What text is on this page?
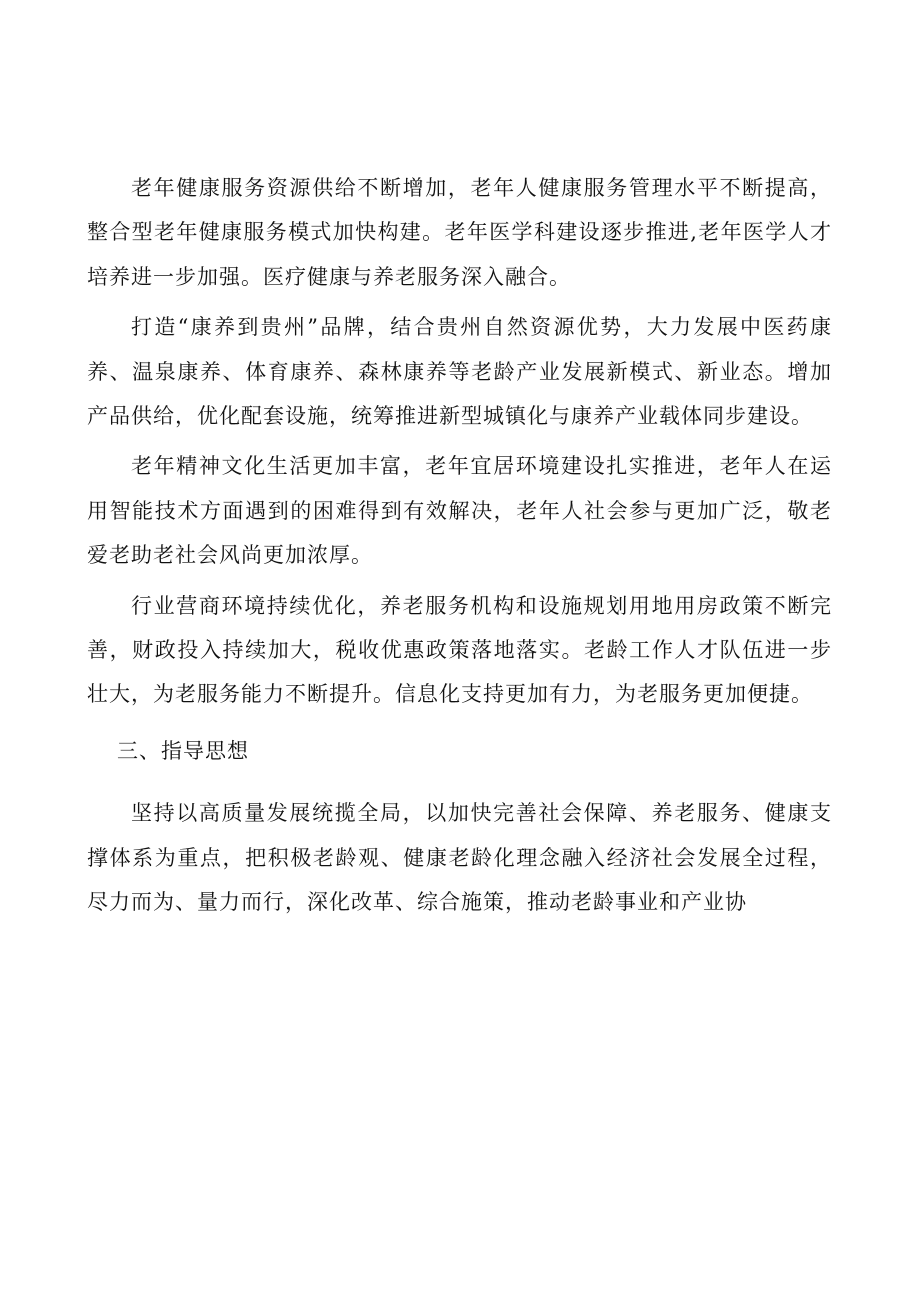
老年健康服务资源供给不断增加，老年人健康服务管理水平不断提高，整合型老年健康服务模式加快构建。老年医学科建设逐步推进,老年医学人才培养进一步加强。医疗健康与养老服务深入融合。

打造“康养到贵州”品牌，结合贵州自然资源优势，大力发展中医药康养、温泉康养、体育康养、森林康养等老龄产业发展新模式、新业态。增加产品供给，优化配套设施，统筹推进新型城镇化与康养产业载体同步建设。

老年精神文化生活更加丰富，老年宜居环境建设扎实推进，老年人在运用智能技术方面遇到的困难得到有效解决，老年人社会参与更加广泛，敬老爱老助老社会风尚更加浓厚。

行业营商环境持续优化，养老服务机构和设施规划用地用房政策不断完善，财政投入持续加大，税收优惠政策落地落实。老龄工作人才队伍进一步壮大，为老服务能力不断提升。信息化支持更加有力，为老服务更加便捷。

三、指导思想

坚持以高质量发展统揽全局，以加快完善社会保障、养老服务、健康支撑体系为重点，把积极老龄观、健康老龄化理念融入经济社会发展全过程，尽力而为、量力而行，深化改革、综合施策，推动老龄事业和产业协
